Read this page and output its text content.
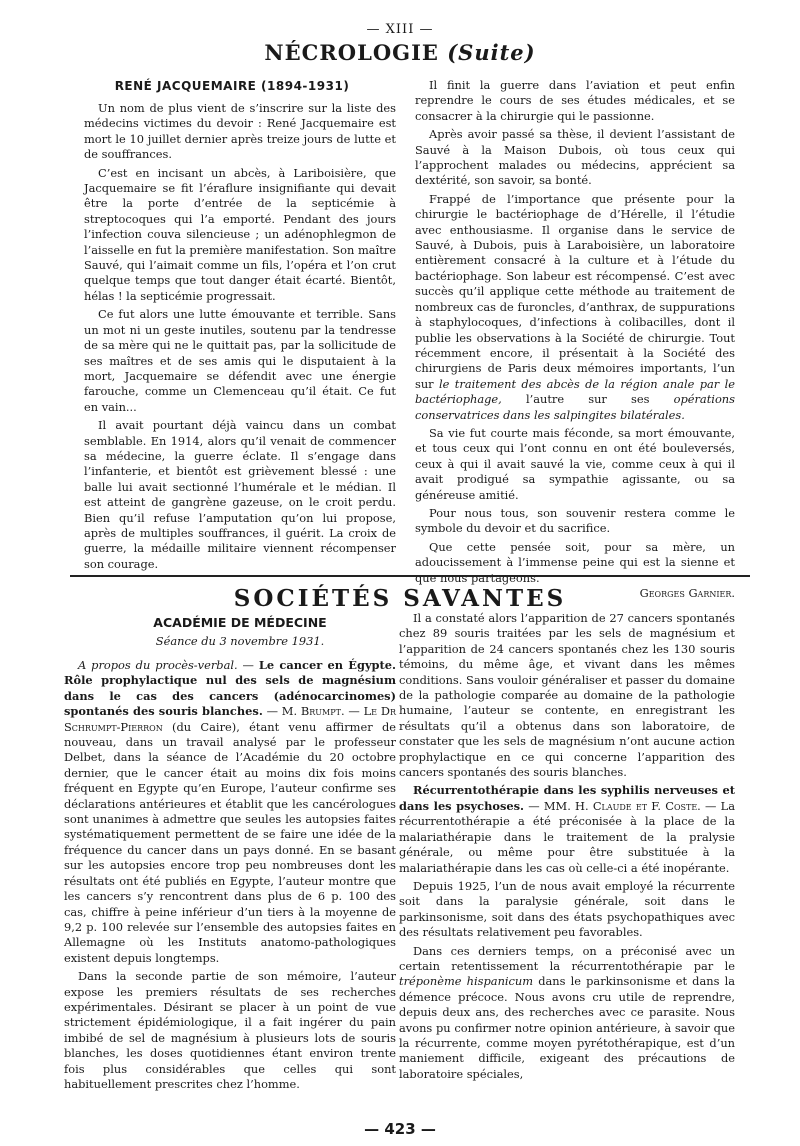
— XIII —
NÉCROLOGIE (Suite)
RENÉ JACQUEMAIRE (1894-1931)

Un nom de plus vient de s’inscrire sur la liste des médecins victimes du devoir : René Jacquemaire est mort le 10 juillet dernier après treize jours de lutte et de souffrances.

C’est en incisant un abcès, à Lariboisière, que Jacquemaire se fit l’éraflure insignifiante qui devait être la porte d’entrée de la septicémie à streptocoques qui l’a emporté. Pendant des jours l’infection couva silencieuse ; un adénophlegmon de l’aisselle en fut la première manifestation. Son maître Sauvé, qui l’aimait comme un fils, l’opéra et l’on crut quelque temps que tout danger était écarté. Bientôt, hélas ! la septicémie progressait.

Ce fut alors une lutte émouvante et terrible. Sans un mot ni un geste inutiles, soutenu par la tendresse de sa mère qui ne le quittait pas, par la sollicitude de ses maîtres et de ses amis qui le disputaient à la mort, Jacquemaire se défendit avec une énergie farouche, comme un Clemenceau qu’il était. Ce fut en vain...

Il avait pourtant déjà vaincu dans un combat semblable. En 1914, alors qu’il venait de commencer sa médecine, la guerre éclate. Il s’engage dans l’infanterie, et bientôt est grièvement blessé : une balle lui avait sectionné l’humérale et le médian. Il est atteint de gangrène gazeuse, on le croit perdu. Bien qu’il refuse l’amputation qu’on lui propose, après de multiples souffrances, il guérit. La croix de guerre, la médaille militaire viennent récompenser son courage.

Il finit la guerre dans l’aviation et peut enfin reprendre le cours de ses études médicales, et se consacrer à la chirurgie qui le passionne.

Après avoir passé sa thèse, il devient l’assistant de Sauvé à la Maison Dubois, où tous ceux qui l’approchent malades ou médecins, apprécient sa dextérité, son savoir, sa bonté.

Frappé de l’importance que présente pour la chirurgie le bactériophage de d’Hérelle, il l’étudie avec enthousiasme. Il organise dans le service de Sauvé, à Dubois, puis à Laraboisière, un laboratoire entièrement consacré à la culture et à l’étude du bactériophage. Son labeur est récompensé. C’est avec succès qu’il applique cette méthode au traitement de nombreux cas de furoncles, d’anthrax, de suppurations à staphylocoques, d’infections à colibacilles, dont il publie les observations à la Société de chirurgie. Tout récemment encore, il présentait à la Société des chirurgiens de Paris deux mémoires importants, l’un sur le traitement des abcès de la région anale par le bactériophage, l’autre sur ses opérations conservatrices dans les salpingites bilatérales.

Sa vie fut courte mais féconde, sa mort émouvante, et tous ceux qui l’ont connu en ont été bouleversés, ceux à qui il avait sauvé la vie, comme ceux à qui il avait prodigué sa sympathie agissante, ou sa généreuse amitié.

Pour nous tous, son souvenir restera comme le symbole du devoir et du sacrifice.

Que cette pensée soit, pour sa mère, un adoucissement à l’immense peine qui est la sienne et que nous partageons.
Georges Garnier.

SOCIÉTÉS SAVANTES
ACADÉMIE DE MÉDECINE
Séance du 3 novembre 1931.

A propos du procès-verbal. — Le cancer en Égypte. Rôle prophylactique nul des sels de magnésium dans le cas des cancers (adénocarcinomes) spontanés des souris blanches. — M. Brumpt. — Le Dr Schrumpt-Pierron (du Caire), étant venu affirmer de nouveau, dans un travail analysé par le professeur Delbet, dans la séance de l’Académie du 20 octobre dernier, que le cancer était au moins dix fois moins fréquent en Egypte qu’en Europe, l’auteur confirme ses déclarations antérieures et établit que les cancérologues sont unanimes à admettre que seules les autopsies faites systématiquement permettent de se faire une idée de la fréquence du cancer dans un pays donné. En se basant sur les autopsies encore trop peu nombreuses dont les résultats ont été publiés en Egypte, l’auteur montre que les cancers s’y rencontrent dans plus de 6 p. 100 des cas, chiffre à peine inférieur d’un tiers à la moyenne de 9,2 p. 100 relevée sur l’ensemble des autopsies faites en Allemagne où les Instituts anatomo-pathologiques existent depuis longtemps.

Dans la seconde partie de son mémoire, l’auteur expose les premiers résultats de ses recherches expérimentales. Désirant se placer à un point de vue strictement épidémiologique, il a fait ingérer du pain imbibé de sel de magnésium à plusieurs lots de souris blanches, les doses quotidiennes étant environ trente fois plus considérables que celles qui sont habituellement prescrites chez l’homme.

Il a constaté alors l’apparition de 27 cancers spontanés chez 89 souris traitées par les sels de magnésium et l’apparition de 24 cancers spontanés chez les 130 souris témoins, du même âge, et vivant dans les mêmes conditions. Sans vouloir généraliser et passer du domaine de la pathologie comparée au domaine de la pathologie humaine, l’auteur se contente, en enregistrant les résultats qu’il a obtenus dans son laboratoire, de constater que les sels de magnésium n’ont aucune action prophylactique en ce qui concerne l’apparition des cancers spontanés des souris blanches.

Récurrentothérapie dans les syphilis nerveuses et dans les psychoses. — MM. H. Claude et F. Coste. — La récurrentothérapie a été préconisée à la place de la malariathérapie dans le traitement de la pralysie générale, ou même pour être substituée à la malariathérapie dans les cas où celle-ci a été inopérante.

Depuis 1925, l’un de nous avait employé la récurrente soit dans la paralysie générale, soit dans le parkinsonisme, soit dans des états psychopathiques avec des résultats relativement peu favorables.

Dans ces derniers temps, on a préconisé avec un certain retentissement la récurrentothérapie par le tréponème hispanicum dans le parkinsonisme et dans la démence précoce. Nous avons cru utile de reprendre, depuis deux ans, des recherches avec ce parasite. Nous avons pu confirmer notre opinion antérieure, à savoir que la récurrente, comme moyen pyrétothérapique, est d’un maniement difficile, exigeant des précautions de laboratoire spéciales,

— 423 —
